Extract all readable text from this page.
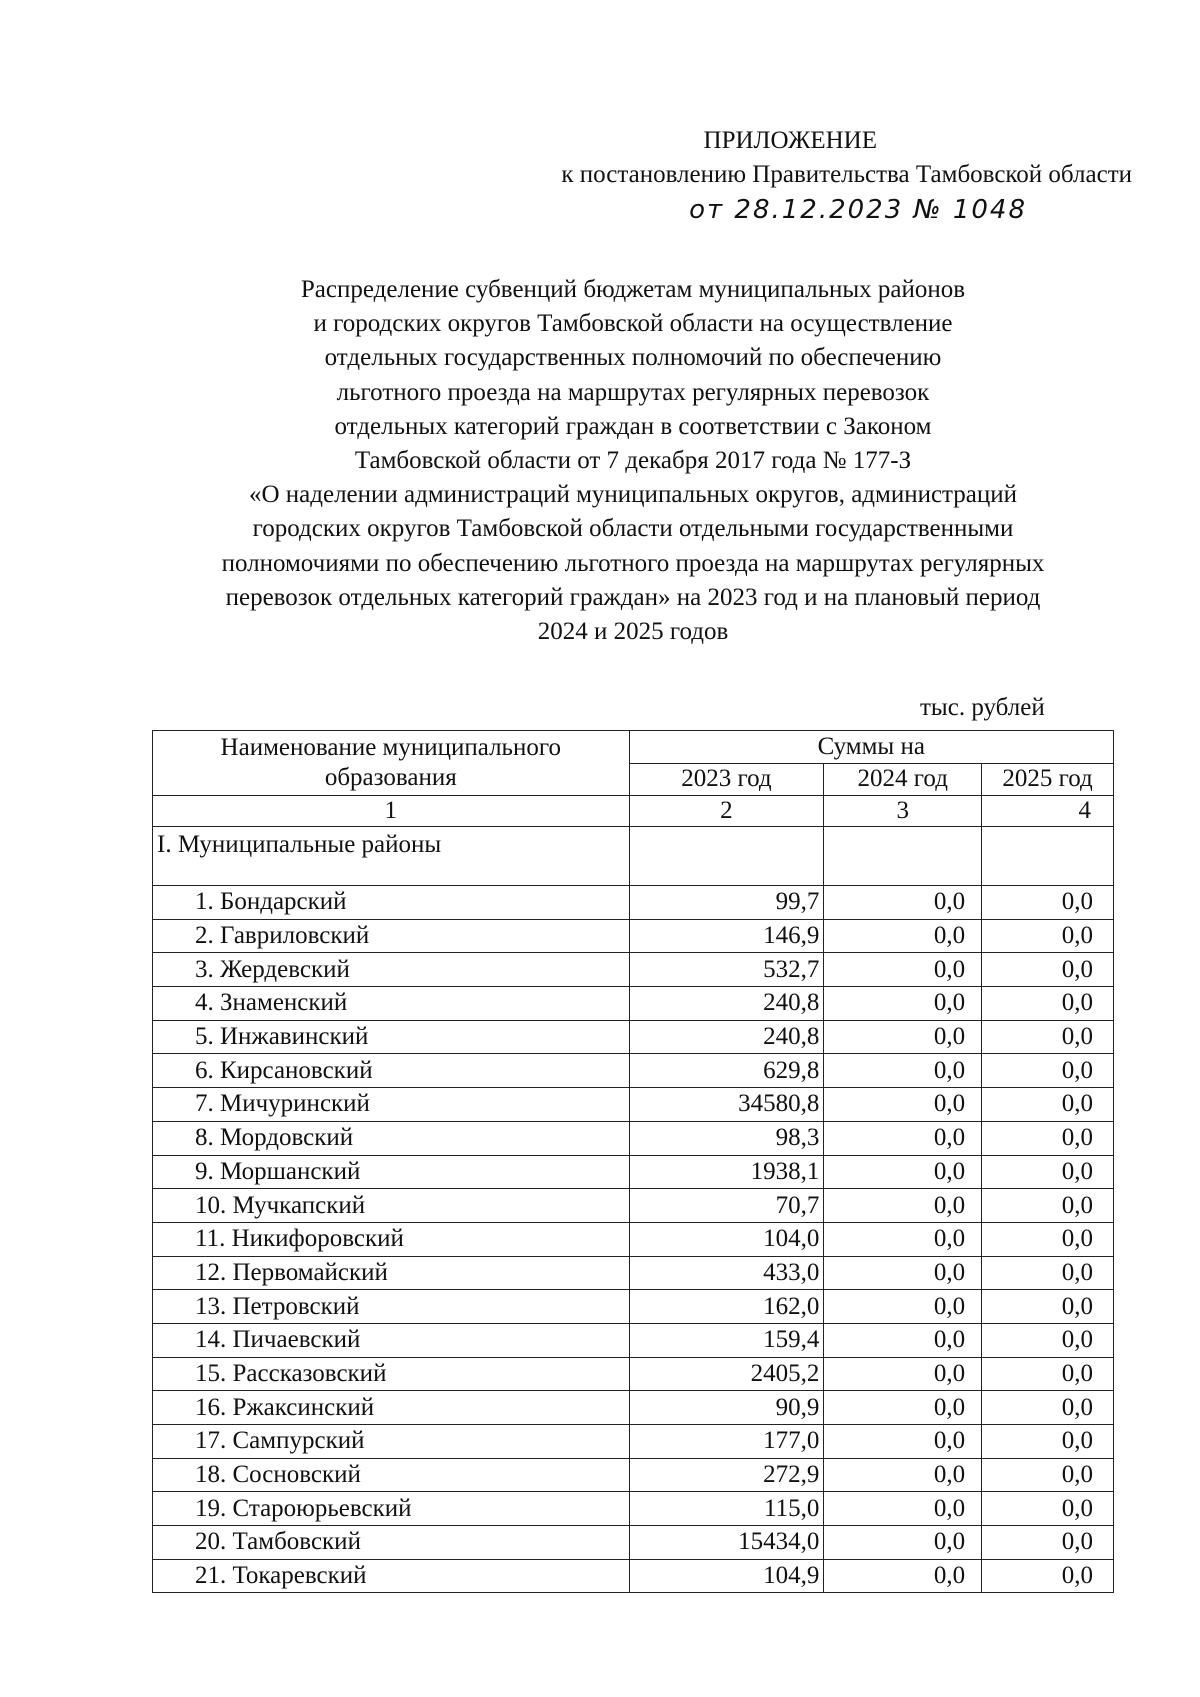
ПРИЛОЖЕНИЕ
к постановлению Правительства Тамбовской области
от 28.12.2023 № 1048
Распределение субвенций бюджетам муниципальных районов
и городских округов Тамбовской области на осуществление
отдельных государственных полномочий по обеспечению
льготного проезда на маршрутах регулярных перевозок
отдельных категорий граждан в соответствии с Законом
Тамбовской области от 7 декабря 2017 года № 177-З
«О наделении администраций муниципальных округов, администраций
городских округов Тамбовской области отдельными государственными
полномочиями по обеспечению льготного проезда на маршрутах регулярных
перевозок отдельных категорий граждан» на 2023 год и на плановый период
2024 и 2025 годов
тыс. рублей
Наименование муниципального образования	Суммы на		
	2023 год	2024 год	2025 год
1	2	3	4
I. Муниципальные районы			
1. Бондарский	99,7	0,0	0,0
2. Гавриловский	146,9	0,0	0,0
3. Жердевский	532,7	0,0	0,0
4. Знаменский	240,8	0,0	0,0
5. Инжавинский	240,8	0,0	0,0
6. Кирсановский	629,8	0,0	0,0
7. Мичуринский	34580,8	0,0	0,0
8. Мордовский	98,3	0,0	0,0
9. Моршанский	1938,1	0,0	0,0
10. Мучкапский	70,7	0,0	0,0
11. Никифоровский	104,0	0,0	0,0
12. Первомайский	433,0	0,0	0,0
13. Петровский	162,0	0,0	0,0
14. Пичаевский	159,4	0,0	0,0
15. Рассказовский	2405,2	0,0	0,0
16. Ржаксинский	90,9	0,0	0,0
17. Сампурский	177,0	0,0	0,0
18. Сосновский	272,9	0,0	0,0
19. Староюрьевский	115,0	0,0	0,0
20. Тамбовский	15434,0	0,0	0,0
21. Токаревский	104,9	0,0	0,0
